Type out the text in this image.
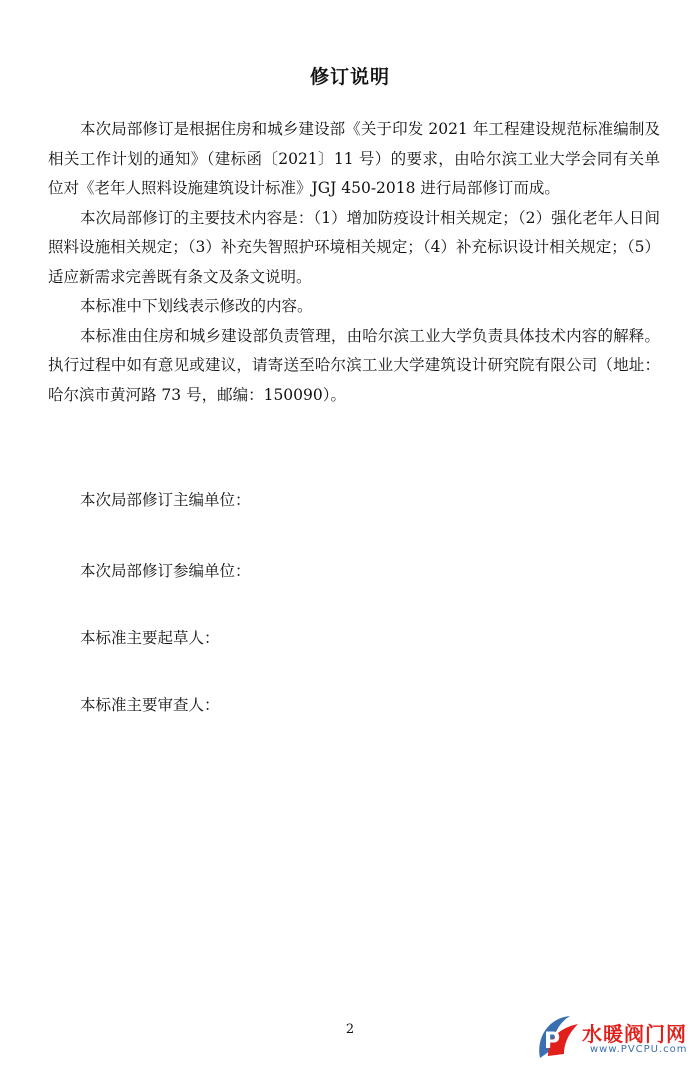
修订说明

本次局部修订是根据住房和城乡建设部《关于印发 2021 年工程建设规范标准编制及相关工作计划的通知》（建标函〔2021〕11 号）的要求，由哈尔滨工业大学会同有关单位对《老年人照料设施建筑设计标准》JGJ 450-2018 进行局部修订而成。

本次局部修订的主要技术内容是：（1）增加防疫设计相关规定；（2）强化老年人日间照料设施相关规定；（3）补充失智照护环境相关规定；（4）补充标识设计相关规定；（5）适应新需求完善既有条文及条文说明。

本标准中下划线表示修改的内容。

本标准由住房和城乡建设部负责管理，由哈尔滨工业大学负责具体技术内容的解释。执行过程中如有意见或建议，请寄送至哈尔滨工业大学建筑设计研究院有限公司（地址：哈尔滨市黄河路 73 号，邮编：150090）。

本次局部修订主编单位：
本次局部修订参编单位：
本标准主要起草人：
本标准主要审查人：
2	P 水暖阀门网
www.PVCPU.com
